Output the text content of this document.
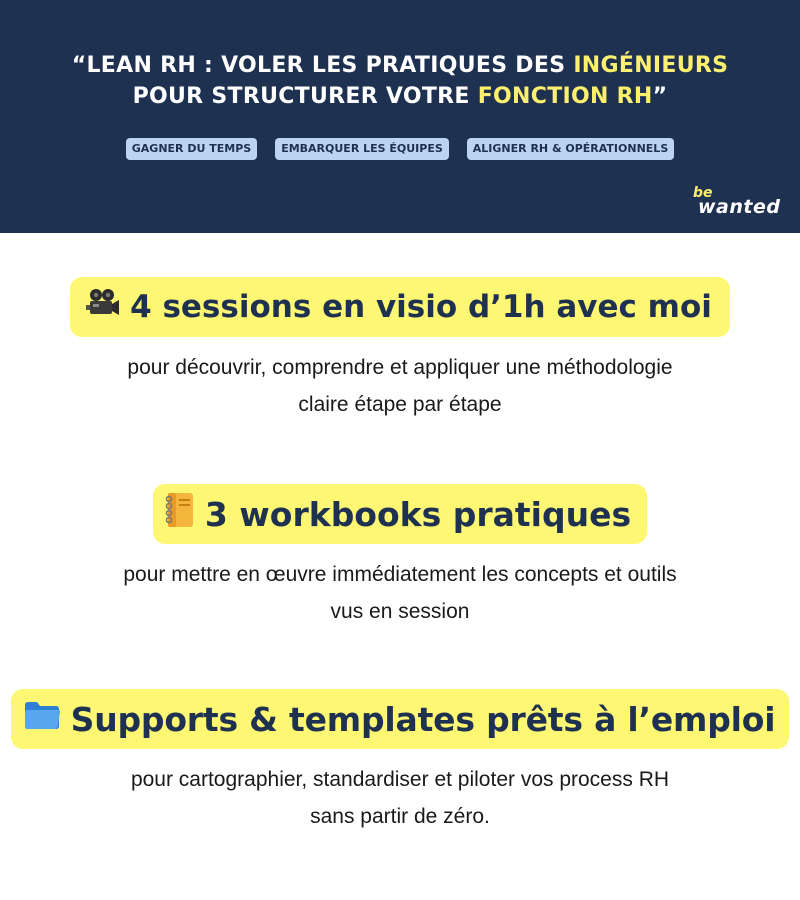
“LEAN RH : VOLER LES PRATIQUES DES INGÉNIEURS
POUR STRUCTURER VOTRE FONCTION RH”
GAGNER DU TEMPS	EMBARQUER LES ÉQUIPES	ALIGNER RH & OPÉRATIONNELS
be
wanted
4 sessions en visio d’1h avec moi
pour découvrir, comprendre et appliquer une méthodologie
claire étape par étape
3 workbooks pratiques
pour mettre en œuvre immédiatement les concepts et outils
vus en session
Supports & templates prêts à l’emploi
pour cartographier, standardiser et piloter vos process RH
sans partir de zéro.
